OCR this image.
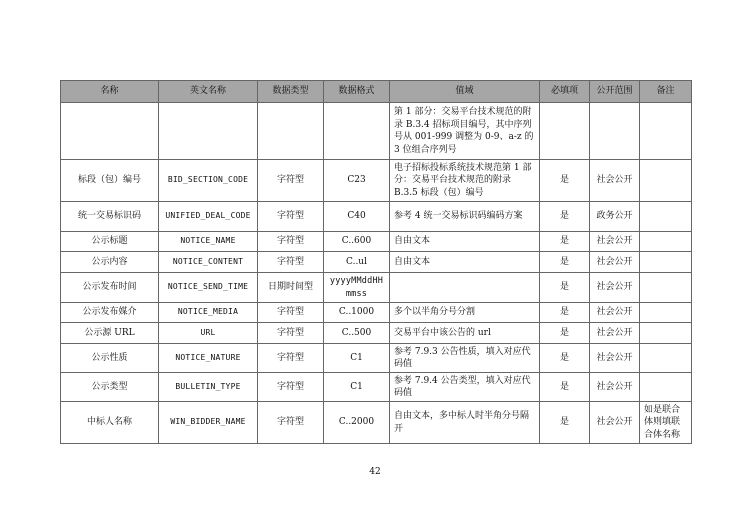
名称	英文名称	数据类型	数据格式	值域	必填项	公开范围	备注
				第 1 部分：交易平台技术规范的附录 B.3.4 招标项目编号，其中序列号从 001-999 调整为 0-9、a-z 的 3 位组合序列号			
标段（包）编号	BID_SECTION_CODE	字符型	C23	电子招标投标系统技术规范第 1 部分：交易平台技术规范的附录 B.3.5 标段（包）编号	是	社会公开	
统一交易标识码	UNIFIED_DEAL_CODE	字符型	C40	参考 4 统一交易标识码编码方案	是	政务公开	
公示标题	NOTICE_NAME	字符型	C..600	自由文本	是	社会公开	
公示内容	NOTICE_CONTENT	字符型	C..ul	自由文本	是	社会公开	
公示发布时间	NOTICE_SEND_TIME	日期时间型	yyyyMMddHHmmss		是	社会公开	
公示发布媒介	NOTICE_MEDIA	字符型	C..1000	多个以半角分号分割	是	社会公开	
公示源 URL	URL	字符型	C..500	交易平台中该公告的 url	是	社会公开	
公示性质	NOTICE_NATURE	字符型	C1	参考 7.9.3 公告性质，填入对应代码值	是	社会公开	
公示类型	BULLETIN_TYPE	字符型	C1	参考 7.9.4 公告类型，填入对应代码值	是	社会公开	
中标人名称	WIN_BIDDER_NAME	字符型	C..2000	自由文本，多中标人时半角分号隔开	是	社会公开	如是联合体则填联合体名称
42
